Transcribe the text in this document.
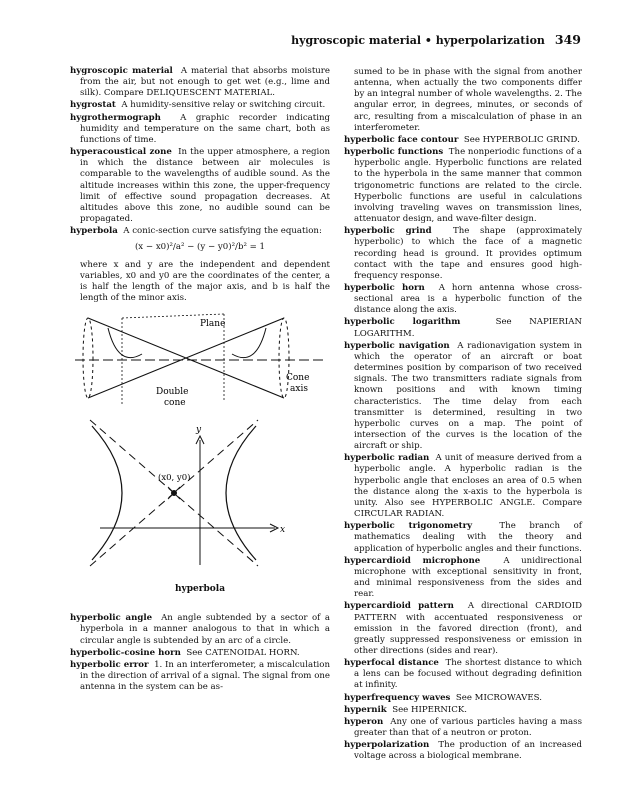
hygroscopic material • hyperpolarization 349

hygroscopic material A material that absorbs moisture from the air, but not enough to get wet (e.g., lime and silk). Compare DELIQUESCENT MATERIAL.

hygrostat A humidity-sensitive relay or switching circuit.

hygrothermograph A graphic recorder indicating humidity and temperature on the same chart, both as functions of time.

hyperacoustical zone In the upper atmosphere, a region in which the distance between air molecules is comparable to the wavelengths of audible sound. As the altitude increases within this zone, the upper-frequency limit of effective sound propagation decreases. At altitudes above this zone, no audible sound can be propagated.

hyperbola A conic-section curve satisfying the equation:

(x − x0)²/a² − (y − y0)²/b² = 1

where x and y are the independent and dependent variables, x0 and y0 are the coordinates of the center, a is half the length of the major axis, and b is half the length of the minor axis.

Plane
Cone
axis
Double
cone
y
x
(x0, y0)
hyperbola

hyperbolic angle An angle subtended by a sector of a hyperbola in a manner analogous to that in which a circular angle is subtended by an arc of a circle.

hyperbolic-cosine horn See CATENOIDAL HORN.

hyperbolic error 1. In an interferometer, a miscalculation in the direction of arrival of a signal. The signal from one antenna in the system can be as-

sumed to be in phase with the signal from another antenna, when actually the two components differ by an integral number of whole wavelengths. 2. The angular error, in degrees, minutes, or seconds of arc, resulting from a miscalculation of phase in an interferometer.

hyperbolic face contour See HYPERBOLIC GRIND.

hyperbolic functions The nonperiodic functions of a hyperbolic angle. Hyperbolic functions are related to the hyperbola in the same manner that common trigonometric functions are related to the circle. Hyperbolic functions are useful in calculations involving traveling waves on transmission lines, attenuator design, and wave-filter design.

hyperbolic grind The shape (approximately hyperbolic) to which the face of a magnetic recording head is ground. It provides optimum contact with the tape and ensures good high-frequency response.

hyperbolic horn A horn antenna whose cross-sectional area is a hyperbolic function of the distance along the axis.

hyperbolic logarithm	See NAPIERIAN LOGARITHM.

hyperbolic navigation A radionavigation system in which the operator of an aircraft or boat determines position by comparison of two received signals. The two transmitters radiate signals from known positions and with known timing characteristics. The time delay from each transmitter is determined, resulting in two hyperbolic curves on a map. The point of intersection of the curves is the location of the aircraft or ship.

hyperbolic radian A unit of measure derived from a hyperbolic angle. A hyperbolic radian is the hyperbolic angle that encloses an area of 0.5 when the distance along the x-axis to the hyperbola is unity. Also see HYPERBOLIC ANGLE. Compare CIRCULAR RADIAN.

hyperbolic trigonometry	The branch of mathematics dealing with the theory and application of hyperbolic angles and their functions.

hypercardioid microphone	A unidirectional microphone with exceptional sensitivity in front, and minimal responsiveness from the sides and rear.

hypercardioid pattern A directional CARDIOID PATTERN with accentuated responsiveness or emission in the favored direction (front), and greatly suppressed responsiveness or emission in other directions (sides and rear).

hyperfocal distance The shortest distance to which a lens can be focused without degrading definition at infinity.

hyperfrequency waves See MICROWAVES.

hypernik See HIPERNICK.

hyperon Any one of various particles having a mass greater than that of a neutron or proton.

hyperpolarization The production of an increased voltage across a biological membrane.
